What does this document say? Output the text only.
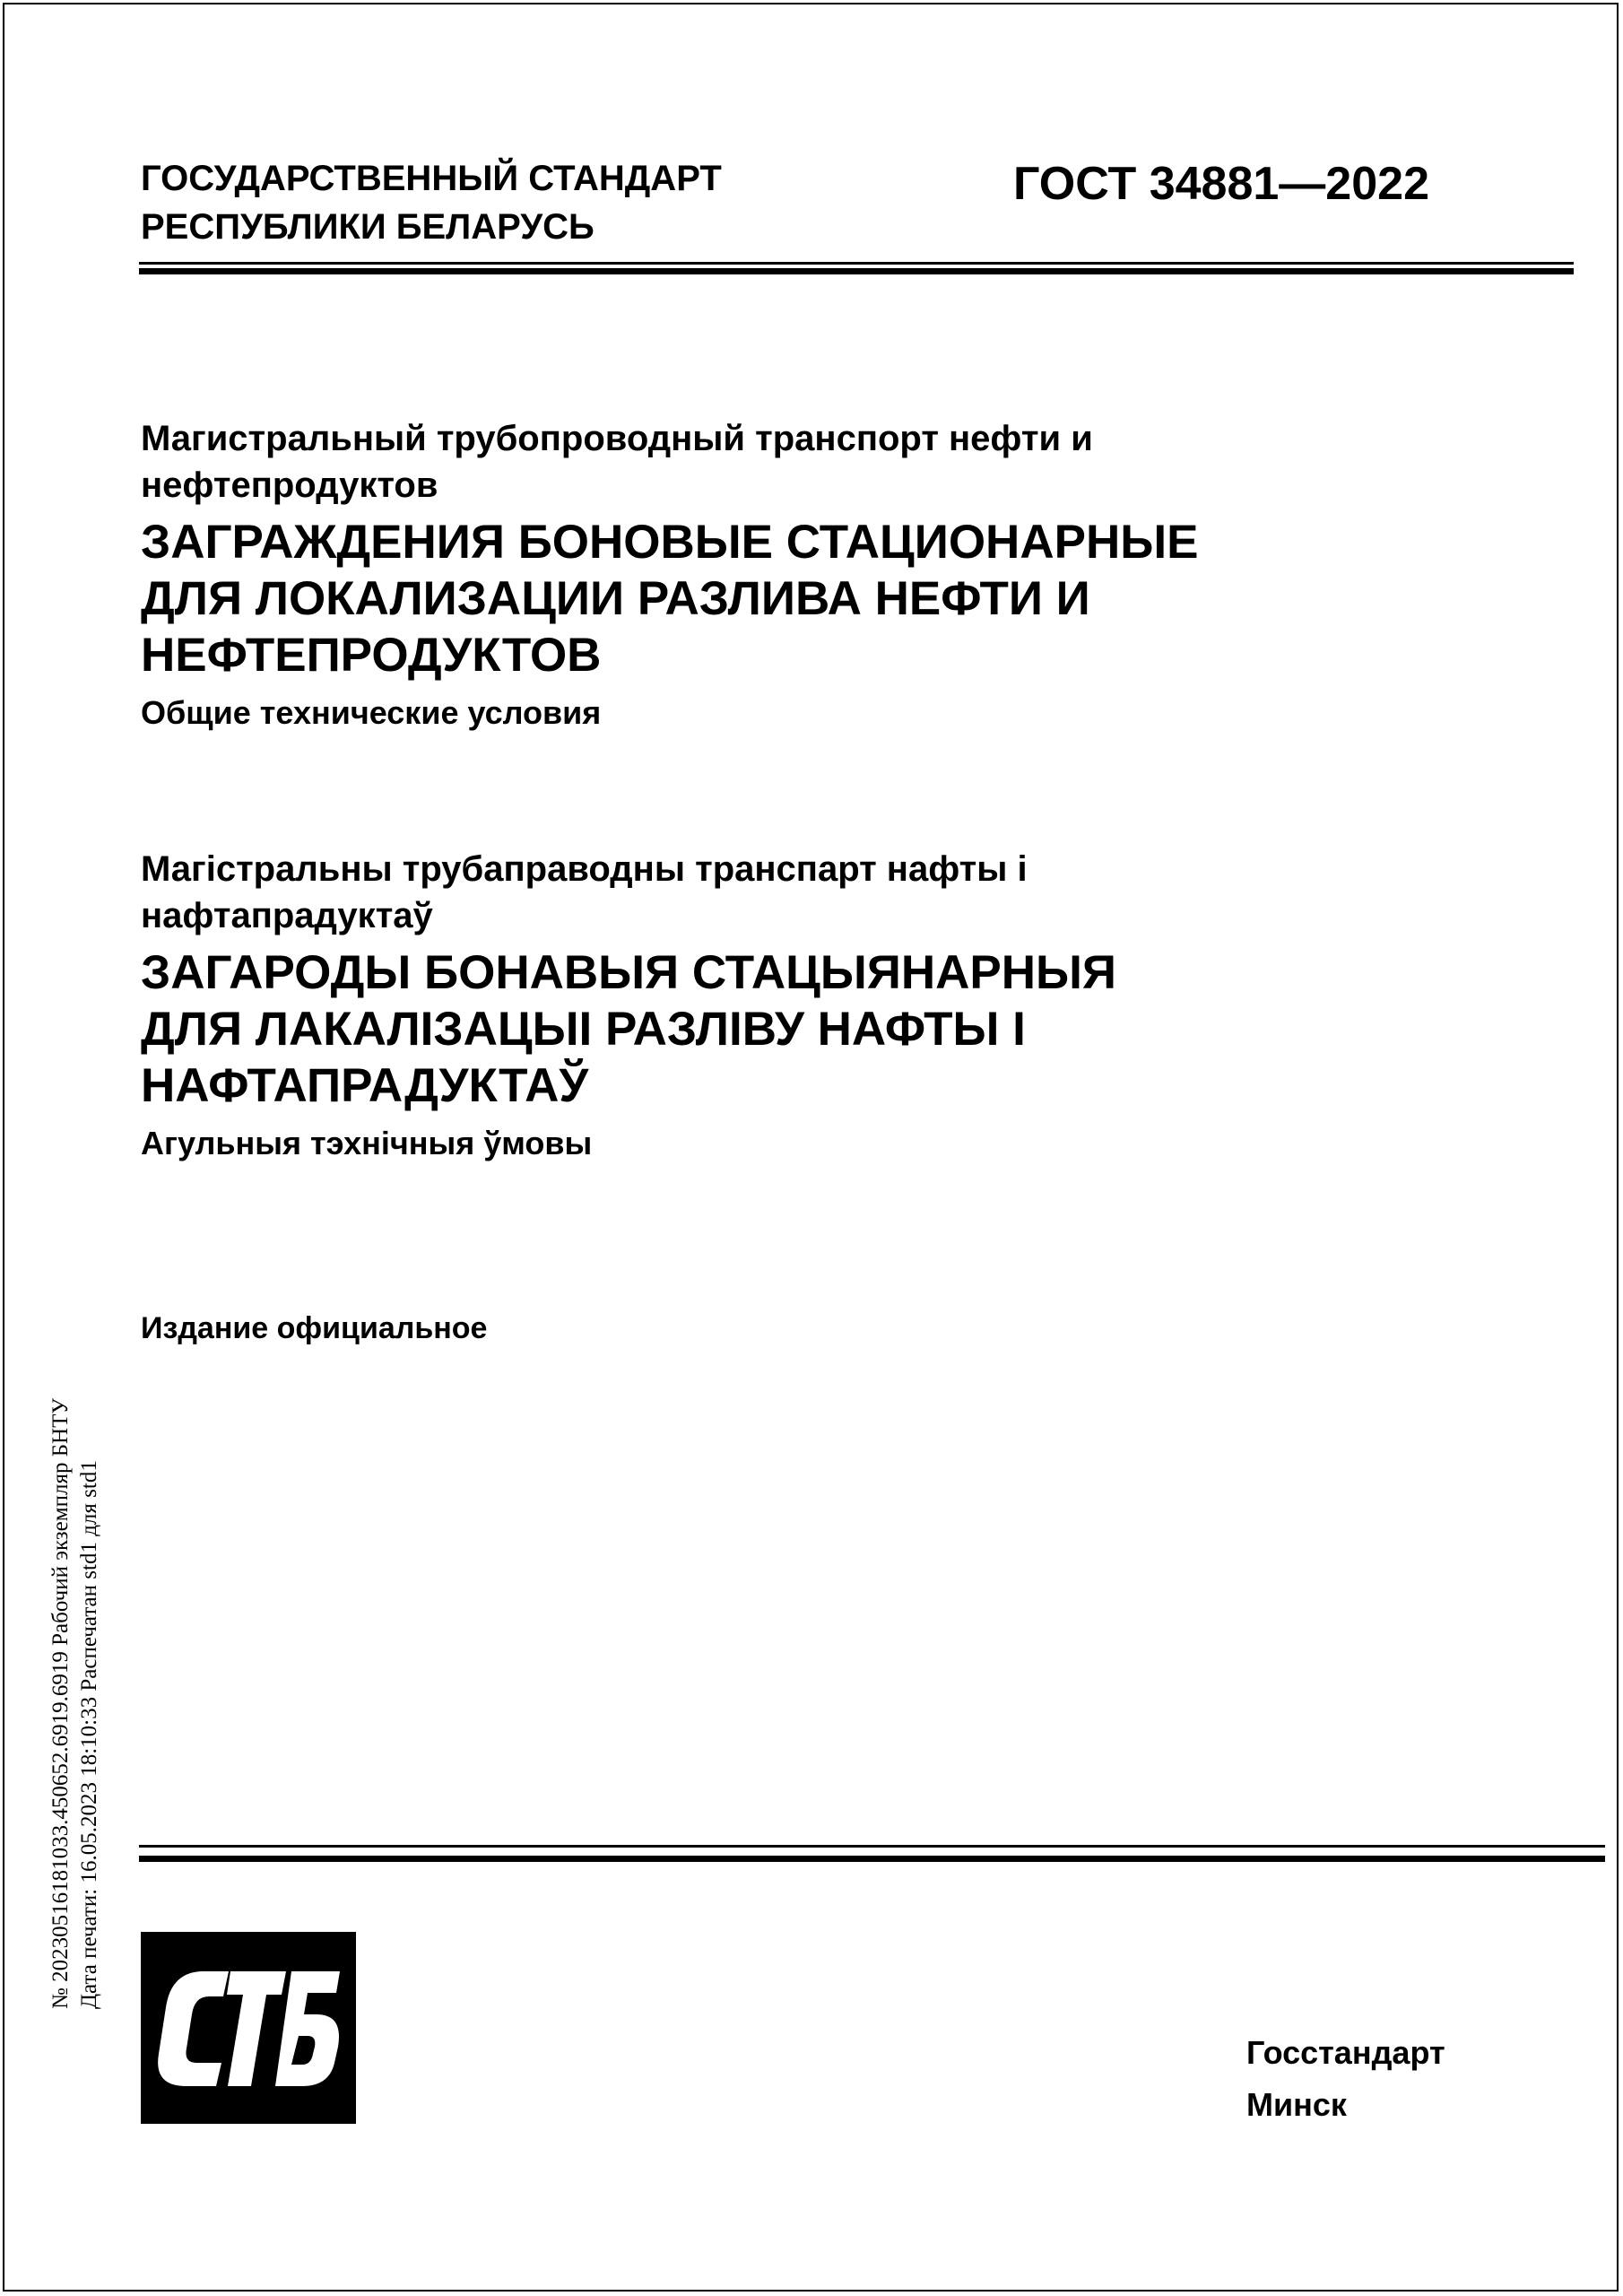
ГОСУДАРСТВЕННЫЙ СТАНДАРТ
РЕСПУБЛИКИ БЕЛАРУСЬ
ГОСТ 34881—2022
Магистральный трубопроводный транспорт нефти и
нефтепродуктов
ЗАГРАЖДЕНИЯ БОНОВЫЕ СТАЦИОНАРНЫЕ
ДЛЯ ЛОКАЛИЗАЦИИ РАЗЛИВА НЕФТИ И
НЕФТЕПРОДУКТОВ
Общие технические условия
Магістральны трубаправодны транспарт нафты і
нафтапрадуктаў
ЗАГАРОДЫ БОНАВЫЯ СТАЦЫЯНАРНЫЯ
ДЛЯ ЛАКАЛІЗАЦЫІ РАЗЛІВУ НАФТЫ І
НАФТАПРАДУКТАЎ
Агульныя тэхнічныя ўмовы
Издание официальное
№ 20230516181033.450652.6919.6919 Рабочий экземпляр БНТУ Дата печати: 16.05.2023 18:10:33 Распечатан std1 для std1
Госстандарт
Минск
